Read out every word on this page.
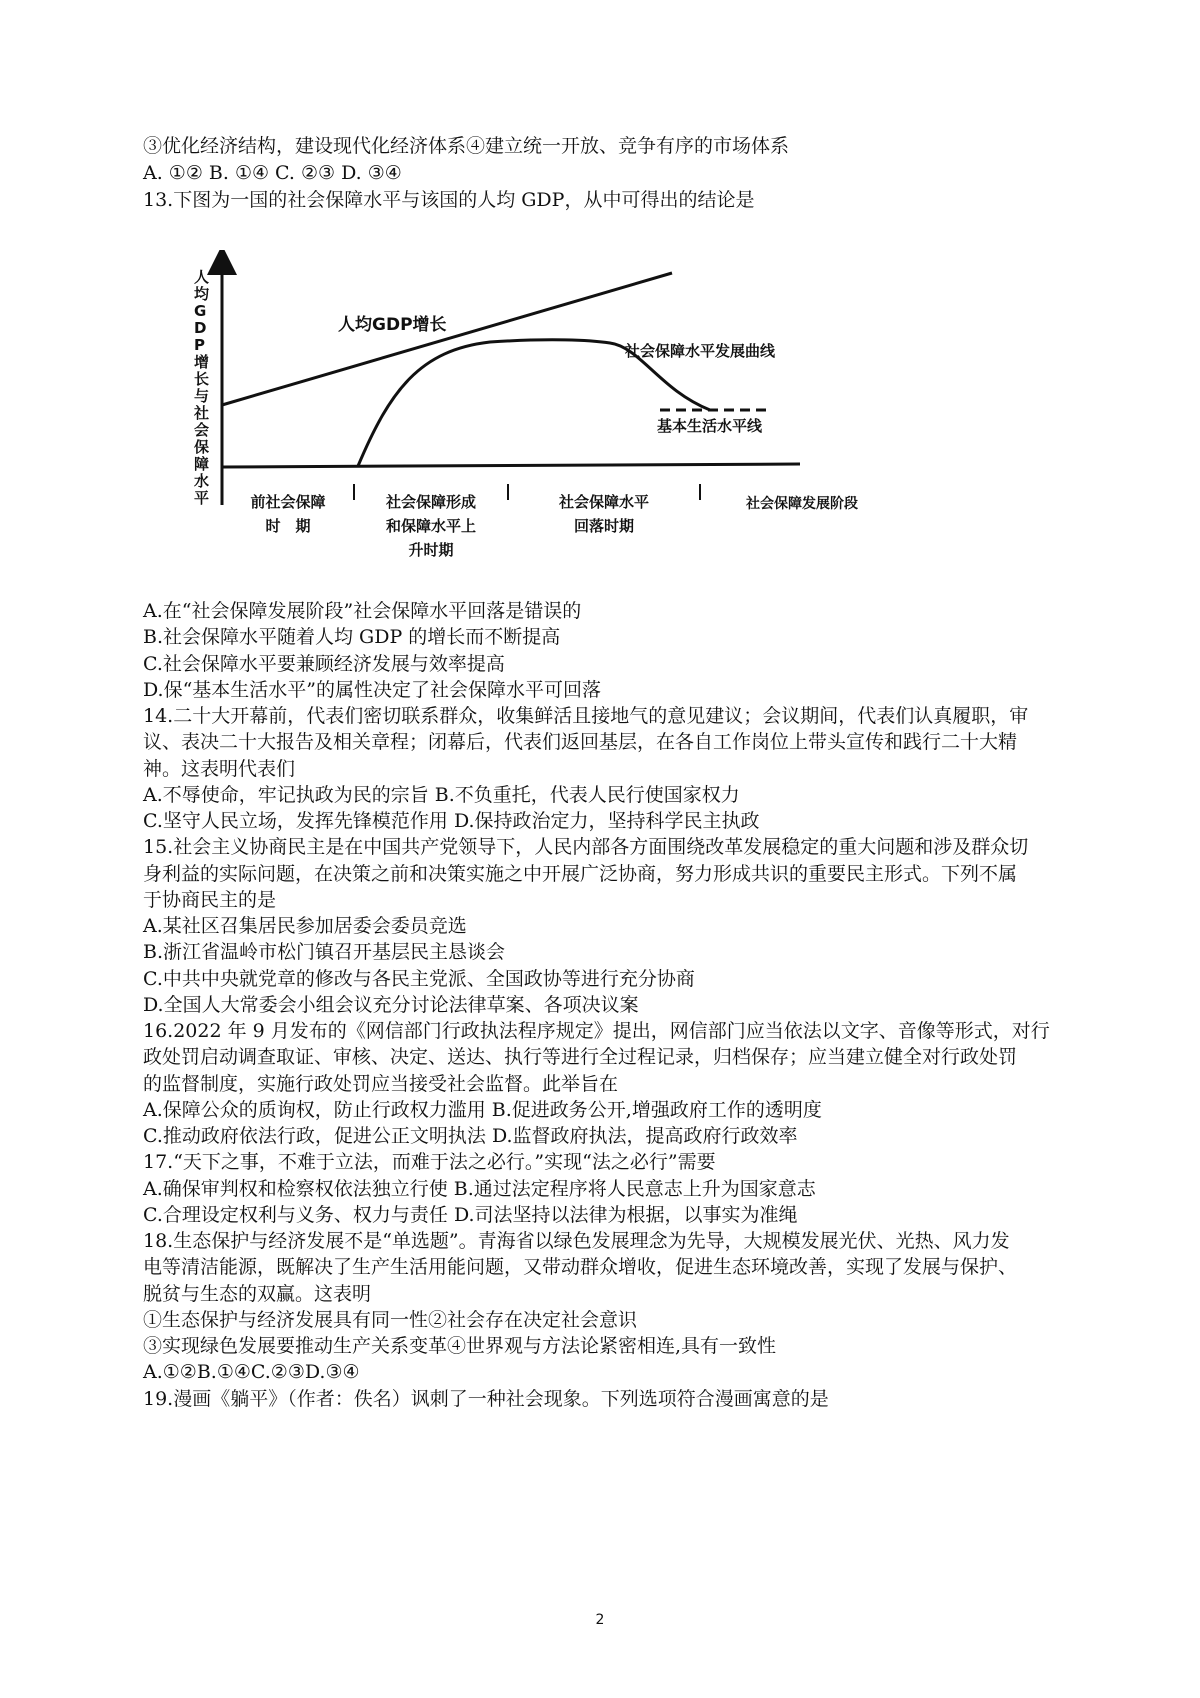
③优化经济结构，建设现代化经济体系④建立统一开放、竞争有序的市场体系
A. ①② B. ①④ C. ②③ D. ③④
13.下图为一国的社会保障水平与该国的人均 GDP，从中可得出的结论是
人
均
G
D
P
增
长
与
社
会
保
障
水
平
人均GDP增长
社会保障水平发展曲线
基本生活水平线
前社会保障
时　期
社会保障形成
和保障水平上
升时期
社会保障水平
回落时期
社会保障发展阶段
A.在“社会保障发展阶段”社会保障水平回落是错误的
B.社会保障水平随着人均 GDP 的增长而不断提高
C.社会保障水平要兼顾经济发展与效率提高
D.保“基本生活水平”的属性决定了社会保障水平可回落
14.二十大开幕前，代表们密切联系群众，收集鲜活且接地气的意见建议；会议期间，代表们认真履职，审
议、表决二十大报告及相关章程；闭幕后，代表们返回基层，在各自工作岗位上带头宣传和践行二十大精
神。这表明代表们
A.不辱使命，牢记执政为民的宗旨 B.不负重托，代表人民行使国家权力
C.坚守人民立场，发挥先锋模范作用 D.保持政治定力，坚持科学民主执政
15.社会主义协商民主是在中国共产党领导下，人民内部各方面围绕改革发展稳定的重大问题和涉及群众切
身利益的实际问题，在决策之前和决策实施之中开展广泛协商，努力形成共识的重要民主形式。下列不属
于协商民主的是
A.某社区召集居民参加居委会委员竞选
B.浙江省温岭市松门镇召开基层民主恳谈会
C.中共中央就党章的修改与各民主党派、全国政协等进行充分协商
D.全国人大常委会小组会议充分讨论法律草案、各项决议案
16.2022 年 9 月发布的《网信部门行政执法程序规定》提出，网信部门应当依法以文字、音像等形式，对行
政处罚启动调查取证、审核、决定、送达、执行等进行全过程记录，归档保存；应当建立健全对行政处罚
的监督制度，实施行政处罚应当接受社会监督。此举旨在
A.保障公众的质询权，防止行政权力滥用 B.促进政务公开,增强政府工作的透明度
C.推动政府依法行政，促进公正文明执法 D.监督政府执法，提高政府行政效率
17.“天下之事，不难于立法，而难于法之必行。”实现“法之必行”需要
A.确保审判权和检察权依法独立行使 B.通过法定程序将人民意志上升为国家意志
C.合理设定权利与义务、权力与责任 D.司法坚持以法律为根据，以事实为准绳
18.生态保护与经济发展不是“单选题”。青海省以绿色发展理念为先导，大规模发展光伏、光热、风力发
电等清洁能源，既解决了生产生活用能问题，又带动群众增收，促进生态环境改善，实现了发展与保护、
脱贫与生态的双赢。这表明
①生态保护与经济发展具有同一性②社会存在决定社会意识
③实现绿色发展要推动生产关系变革④世界观与方法论紧密相连,具有一致性
A.①②B.①④C.②③D.③④
19.漫画《躺平》（作者：佚名）讽刺了一种社会现象。下列选项符合漫画寓意的是
2
